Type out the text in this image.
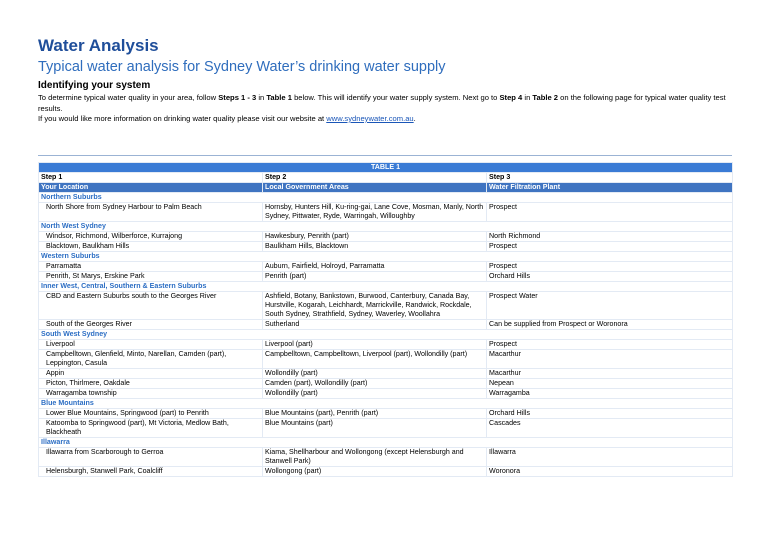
Water Analysis
Typical water analysis for Sydney Water’s drinking water supply
Identifying your system

To determine typical water quality in your area, follow Steps 1 - 3 in Table 1 below. This will identify your water supply system. Next go to Step 4 in Table 2 on the following page for typical water quality test results.

If you would like more information on drinking water quality please visit our website at www.sydneywater.com.au.

TABLE 1		
Step 1	Step 2	Step 3
Your Location	Local Government Areas	Water Filtration Plant
Northern Suburbs		
North Shore from Sydney Harbour to Palm Beach	Hornsby, Hunters Hill, Ku-ring-gai, Lane Cove, Mosman, Manly, North Sydney, Pittwater, Ryde, Warringah, Willoughby	Prospect
North West Sydney		
Windsor, Richmond, Wilberforce, Kurrajong	Hawkesbury, Penrith (part)	North Richmond
Blacktown, Baulkham Hills	Baulkham Hills, Blacktown	Prospect
Western Suburbs		
Parramatta	Auburn, Fairfield, Holroyd, Parramatta	Prospect
Penrith, St Marys, Erskine Park	Penrith (part)	Orchard Hills
Inner West, Central, Southern & Eastern Suburbs		
CBD and Eastern Suburbs south to the Georges River	Ashfield, Botany, Bankstown, Burwood, Canterbury, Canada Bay, Hurstville, Kogarah, Leichhardt, Marrickville, Randwick, Rockdale, South Sydney, Strathfield, Sydney, Waverley, Woollahra	Prospect Water
South of the Georges River	Sutherland	Can be supplied from Prospect or Woronora
South West Sydney		
Liverpool	Liverpool (part)	Prospect
Campbelltown, Glenfield, Minto, Narellan, Camden (part), Leppington, Casula	Campbelltown, Campbelltown, Liverpool (part), Wollondilly (part)	Macarthur
Appin	Wollondilly (part)	Macarthur
Picton, Thirlmere, Oakdale	Camden (part), Wollondilly (part)	Nepean
Warragamba township	Wollondilly (part)	Warragamba
Blue Mountains		
Lower Blue Mountains, Springwood (part) to Penrith	Blue Mountains (part), Penrith (part)	Orchard Hills
Katoomba to Springwood (part), Mt Victoria, Medlow Bath, Blackheath	Blue Mountains (part)	Cascades
Illawarra		
Illawarra from Scarborough to Gerroa	Kiama, Shellharbour and Wollongong (except Helensburgh and Stanwell Park)	Illawarra
Helensburgh, Stanwell Park, Coalcliff	Wollongong (part)	Woronora
